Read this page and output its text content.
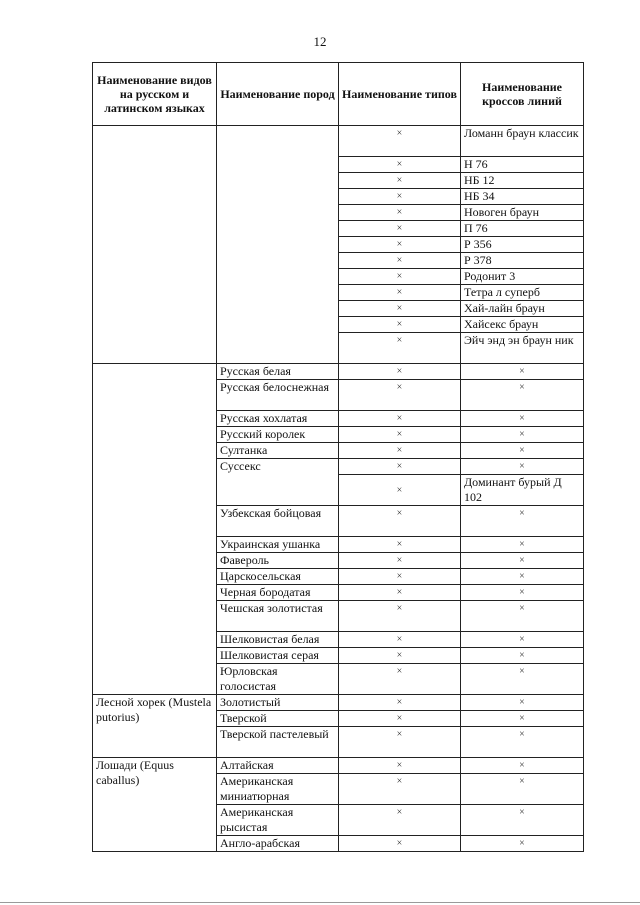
12
Наименование видов на русском и латинском языках	Наименование пород	Наименование типов	Наименование кроссов линий
		×	Ломанн браун классик
		×	Н 76
		×	НБ 12
		×	НБ 34
		×	Новоген браун
		×	П 76
		×	Р 356
		×	Р 378
		×	Родонит 3
		×	Тетра л суперб
		×	Хай-лайн браун
		×	Хайсекс браун
		×	Эйч энд эн браун ник
	Русская белая	×	×
	Русская белоснежная	×	×
	Русская хохлатая	×	×
	Русский королек	×	×
	Султанка	×	×
	Суссекс	×	×
		×	Доминант бурый Д 102
	Узбекская бойцовая	×	×
	Украинская ушанка	×	×
	Фавероль	×	×
	Царскосельская	×	×
	Черная бородатая	×	×
	Чешская золотистая	×	×
	Шелковистая белая	×	×
	Шелковистая серая	×	×
	Юрловская голосистая	×	×
Лесной хорек (Mustela putorius)	Золотистый	×	×
	Тверской	×	×
	Тверской пастелевый	×	×
Лошади (Equus caballus)	Алтайская	×	×
	Американская миниатюрная	×	×
	Американская рысистая	×	×
	Англо-арабская	×	×
